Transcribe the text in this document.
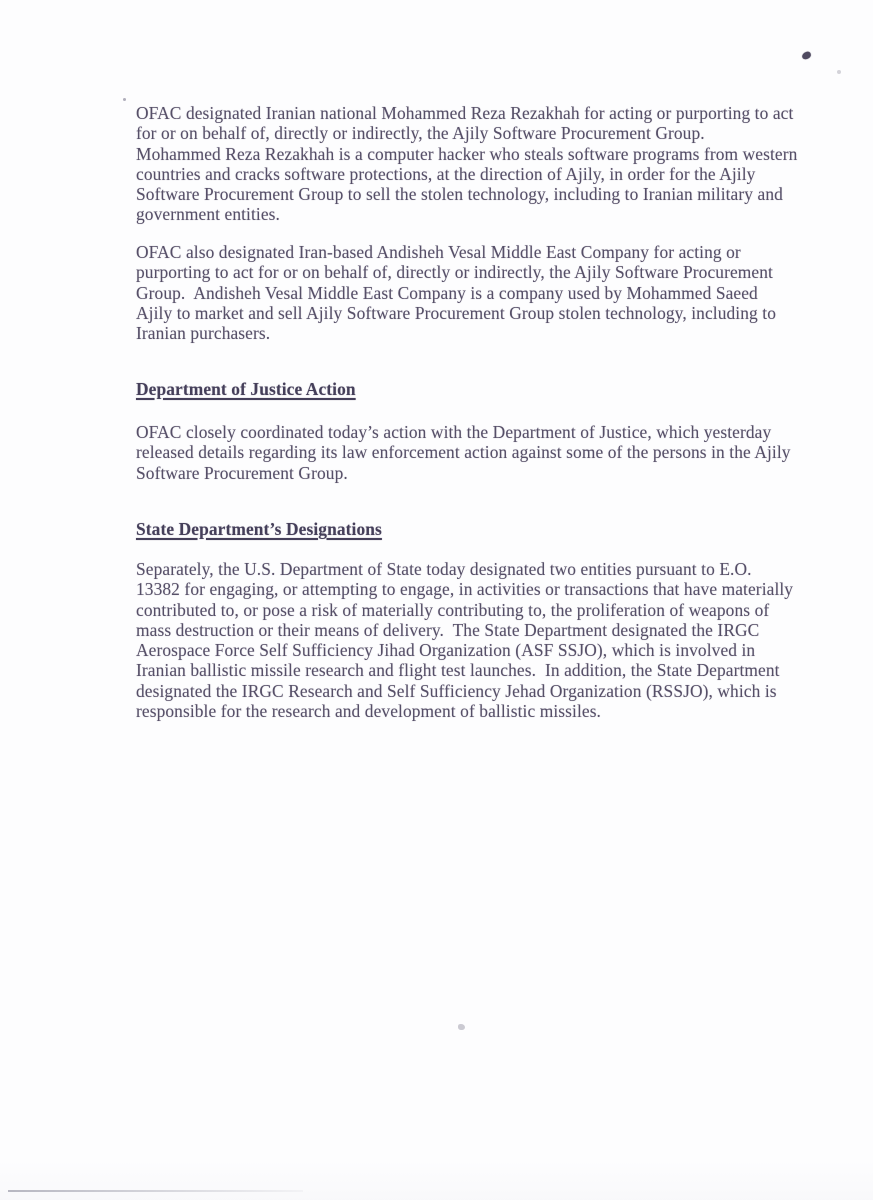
OFAC designated Iranian national Mohammed Reza Rezakhah for acting or purporting to act
for or on behalf of, directly or indirectly, the Ajily Software Procurement Group.
Mohammed Reza Rezakhah is a computer hacker who steals software programs from western
countries and cracks software protections, at the direction of Ajily, in order for the Ajily
Software Procurement Group to sell the stolen technology, including to Iranian military and
government entities.
OFAC also designated Iran-based Andisheh Vesal Middle East Company for acting or
purporting to act for or on behalf of, directly or indirectly, the Ajily Software Procurement
Group.  Andisheh Vesal Middle East Company is a company used by Mohammed Saeed
Ajily to market and sell Ajily Software Procurement Group stolen technology, including to
Iranian purchasers.
Department of Justice Action
OFAC closely coordinated today’s action with the Department of Justice, which yesterday
released details regarding its law enforcement action against some of the persons in the Ajily
Software Procurement Group.
State Department’s Designations
Separately, the U.S. Department of State today designated two entities pursuant to E.O.
13382 for engaging, or attempting to engage, in activities or transactions that have materially
contributed to, or pose a risk of materially contributing to, the proliferation of weapons of
mass destruction or their means of delivery.  The State Department designated the IRGC
Aerospace Force Self Sufficiency Jihad Organization (ASF SSJO), which is involved in
Iranian ballistic missile research and flight test launches.  In addition, the State Department
designated the IRGC Research and Self Sufficiency Jehad Organization (RSSJO), which is
responsible for the research and development of ballistic missiles.
